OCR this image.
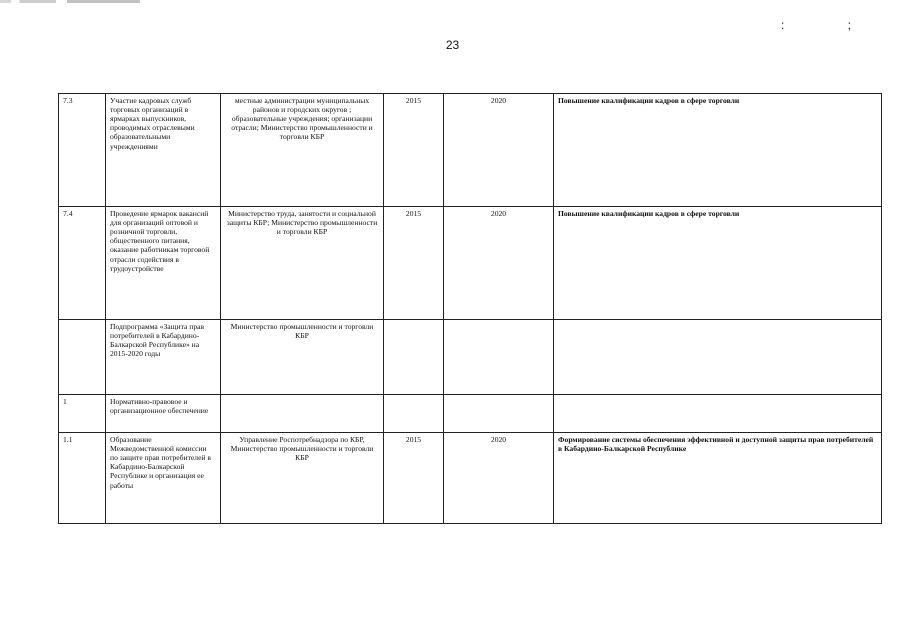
23
: ;
7.3	Участие кадровых служб торговых организаций в ярмарках выпускников, проводимых отраслевыми образовательными учреждениями	местные администрации муниципальных районов и городских округов ; образовательные учреждения; организации отрасли; Министерство промышленности и торговли КБР	2015	2020	Повышение квалификации кадров в сфере торговли
7.4	Проведение ярмарок вакансий для организаций оптовой и розничной торговли, общественного питания, оказание работникам торговой отрасли содействия в трудоустройстве	Министерство труда, занятости и социальной защиты КБР; Министерство промышленности и торговли КБР	2015	2020	Повышение квалификации кадров в сфере торговли
	Подпрограмма «Защита прав потребителей в Кабардино-Балкарской Республике» на 2015-2020 годы	Министерство промышленности и торговли КБР			
1	Нормативно-правовое и организационное обеспечение				
1.1	Образование Межведомственной комиссии по защите прав потребителей в Кабардино-Балкарской Республике и организация ее работы	Управление Роспотребнадзора по КБР, Министерство промышленности и торговли КБР	2015	2020	Формирование системы обеспечения эффективной и доступной защиты прав потребителей в Кабардино-Балкарской Республике
